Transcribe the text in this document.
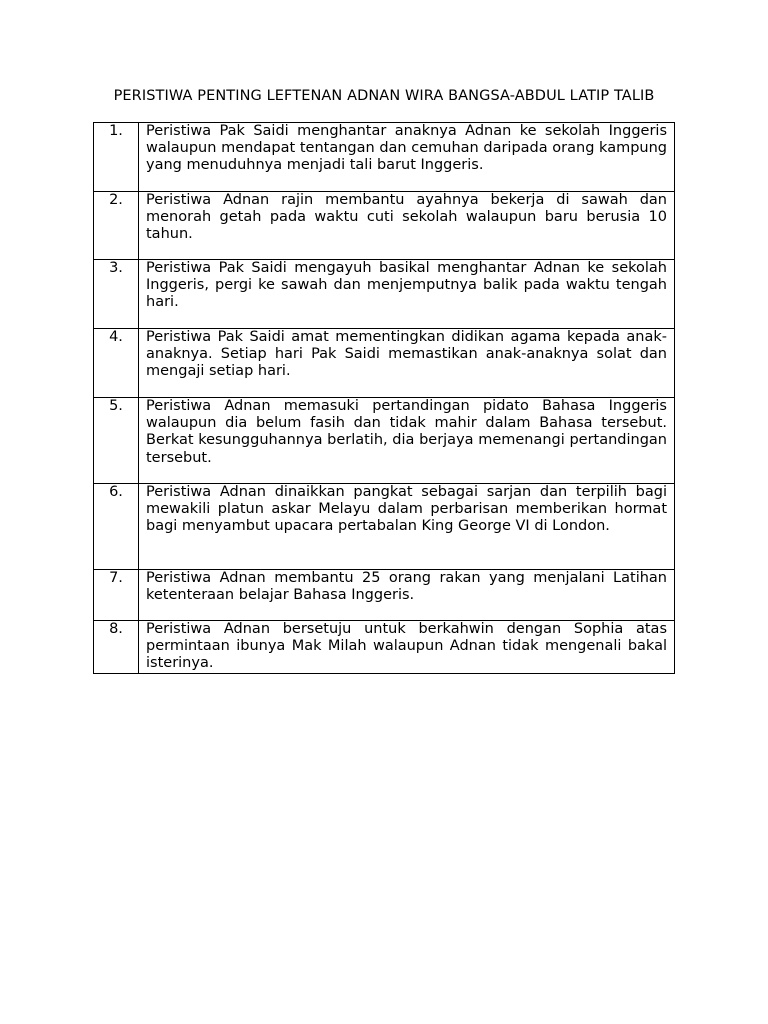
PERISTIWA PENTING LEFTENAN ADNAN WIRA BANGSA-ABDUL LATIP TALIB
1.	Peristiwa Pak Saidi menghantar anaknya Adnan ke sekolah Inggeris walaupun mendapat tentangan dan cemuhan daripada orang kampung yang menuduhnya menjadi tali barut Inggeris.

2.	Peristiwa Adnan rajin membantu ayahnya bekerja di sawah dan menorah getah pada waktu cuti sekolah walaupun baru berusia 10 tahun.

3.	Peristiwa Pak Saidi mengayuh basikal menghantar Adnan ke sekolah Inggeris, pergi ke sawah dan menjemputnya balik pada waktu tengah hari.

4.	Peristiwa Pak Saidi amat mementingkan didikan agama kepada anak-anaknya. Setiap hari Pak Saidi memastikan anak-anaknya solat dan mengaji setiap hari.

5.	Peristiwa Adnan memasuki pertandingan pidato Bahasa Inggeris walaupun dia belum fasih dan tidak mahir dalam Bahasa tersebut. Berkat kesungguhannya berlatih, dia berjaya memenangi pertandingan tersebut.

6.	Peristiwa Adnan dinaikkan pangkat sebagai sarjan dan terpilih bagi mewakili platun askar Melayu dalam perbarisan memberikan hormat bagi menyambut upacara pertabalan King George VI di London.

7.	Peristiwa Adnan membantu 25 orang rakan yang menjalani Latihan ketenteraan belajar Bahasa Inggeris.

8.	Peristiwa Adnan bersetuju untuk berkahwin dengan Sophia atas permintaan ibunya Mak Milah walaupun Adnan tidak mengenali bakal isterinya.
